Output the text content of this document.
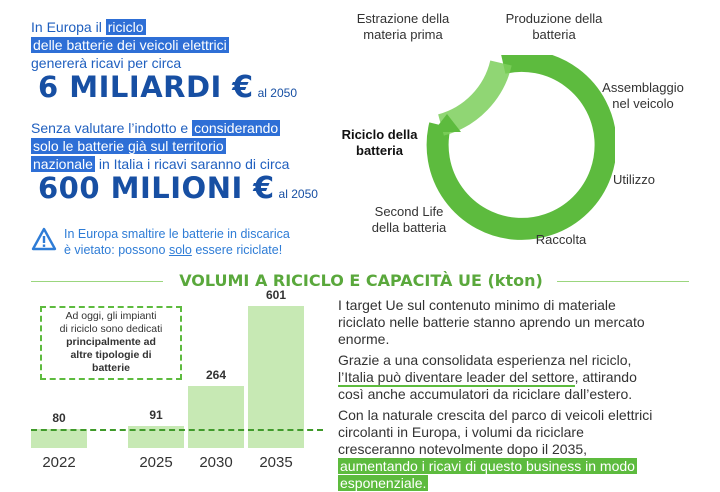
In Europa il riciclo
delle batterie dei veicoli elettrici
genererà ricavi per circa
6 MILIARDI € al 2050
Senza valutare l’indotto e considerando
solo le batterie già sul territorio
nazionale in Italia i ricavi saranno di circa
600 MILIONI € al 2050
In Europa smaltire le batterie in discarica
è vietato: possono solo essere riciclate!
Estrazione della
materia prima
Produzione della
batteria
Assemblaggio
nel veicolo
Utilizzo
Raccolta
Second Life
della batteria
Riciclo della
batteria
VOLUMI A RICICLO E CAPACITÀ UE (kton)
Ad oggi, gli impianti
di riciclo sono dedicati
principalmente ad
altre tipologie di
batterie
80
2022
91
2025
264
2030
601
2035
I target Ue sul contenuto minimo di materiale
riciclato nelle batterie stanno aprendo un mercato
enorme.
Grazie a una consolidata esperienza nel riciclo,
l’Italia può diventare leader del settore, attirando
così anche accumulatori da riciclare dall’estero.
Con la naturale crescita del parco di veicoli elettrici
circolanti in Europa, i volumi da riciclare
cresceranno notevolmente dopo il 2035,
aumentando i ricavi di questo business in modo
esponenziale.
